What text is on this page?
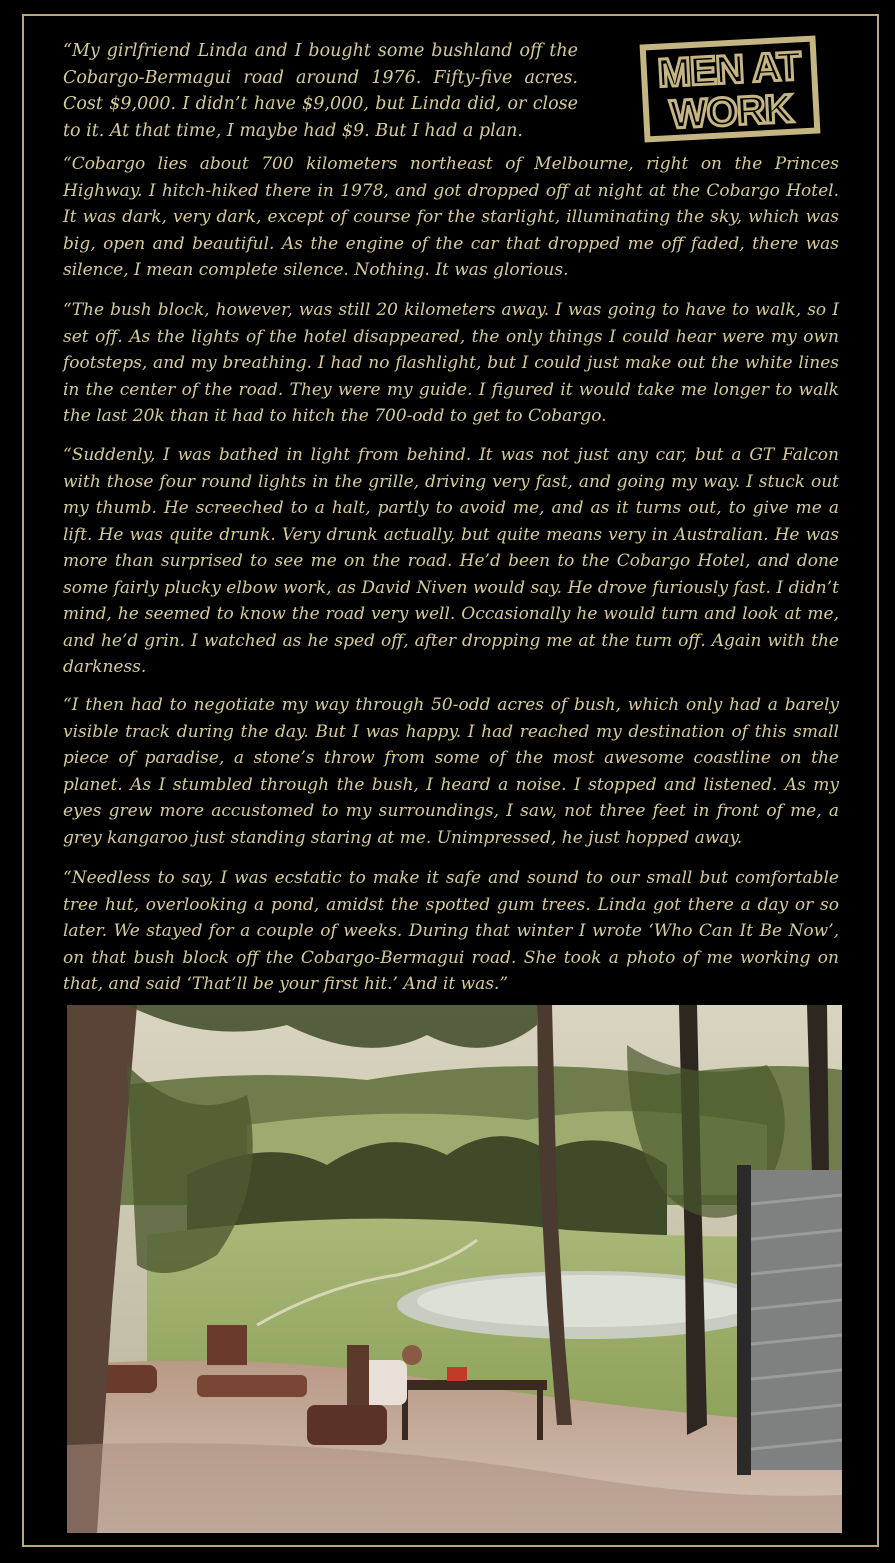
MEN AT
WORK

“My girlfriend Linda and I bought some bushland off the Cobargo-Bermagui road around 1976. Fifty-five acres. Cost $9,000. I didn’t have $9,000, but Linda did, or close to it. At that time, I maybe had $9. But I had a plan.

“Cobargo lies about 700 kilometers northeast of Melbourne, right on the Princes Highway. I hitch-hiked there in 1978, and got dropped off at night at the Cobargo Hotel. It was dark, very dark, except of course for the starlight, illuminating the sky, which was big, open and beautiful. As the engine of the car that dropped me off faded, there was silence, I mean complete silence. Nothing. It was glorious.

“The bush block, however, was still 20 kilometers away. I was going to have to walk, so I set off. As the lights of the hotel disappeared, the only things I could hear were my own footsteps, and my breathing. I had no flashlight, but I could just make out the white lines in the center of the road. They were my guide. I figured it would take me longer to walk the last 20k than it had to hitch the 700-odd to get to Cobargo.

“Suddenly, I was bathed in light from behind. It was not just any car, but a GT Falcon with those four round lights in the grille, driving very fast, and going my way. I stuck out my thumb. He screeched to a halt, partly to avoid me, and as it turns out, to give me a lift. He was quite drunk. Very drunk actually, but quite means very in Australian. He was more than surprised to see me on the road. He’d been to the Cobargo Hotel, and done some fairly plucky elbow work, as David Niven would say. He drove furiously fast. I didn’t mind, he seemed to know the road very well. Occasionally he would turn and look at me, and he’d grin. I watched as he sped off, after dropping me at the turn off. Again with the darkness.

“I then had to negotiate my way through 50-odd acres of bush, which only had a barely visible track during the day. But I was happy. I had reached my destination of this small piece of paradise, a stone’s throw from some of the most awesome coastline on the planet. As I stumbled through the bush, I heard a noise. I stopped and listened. As my eyes grew more accustomed to my surroundings, I saw, not three feet in front of me, a grey kangaroo just standing staring at me. Unimpressed, he just hopped away.

“Needless to say, I was ecstatic to make it safe and sound to our small but comfortable tree hut, overlooking a pond, amidst the spotted gum trees. Linda got there a day or so later. We stayed for a couple of weeks. During that winter I wrote ‘Who Can It Be Now’, on that bush block off the Cobargo-Bermagui road. She took a photo of me working on that, and said ‘That’ll be your first hit.’ And it was.”
